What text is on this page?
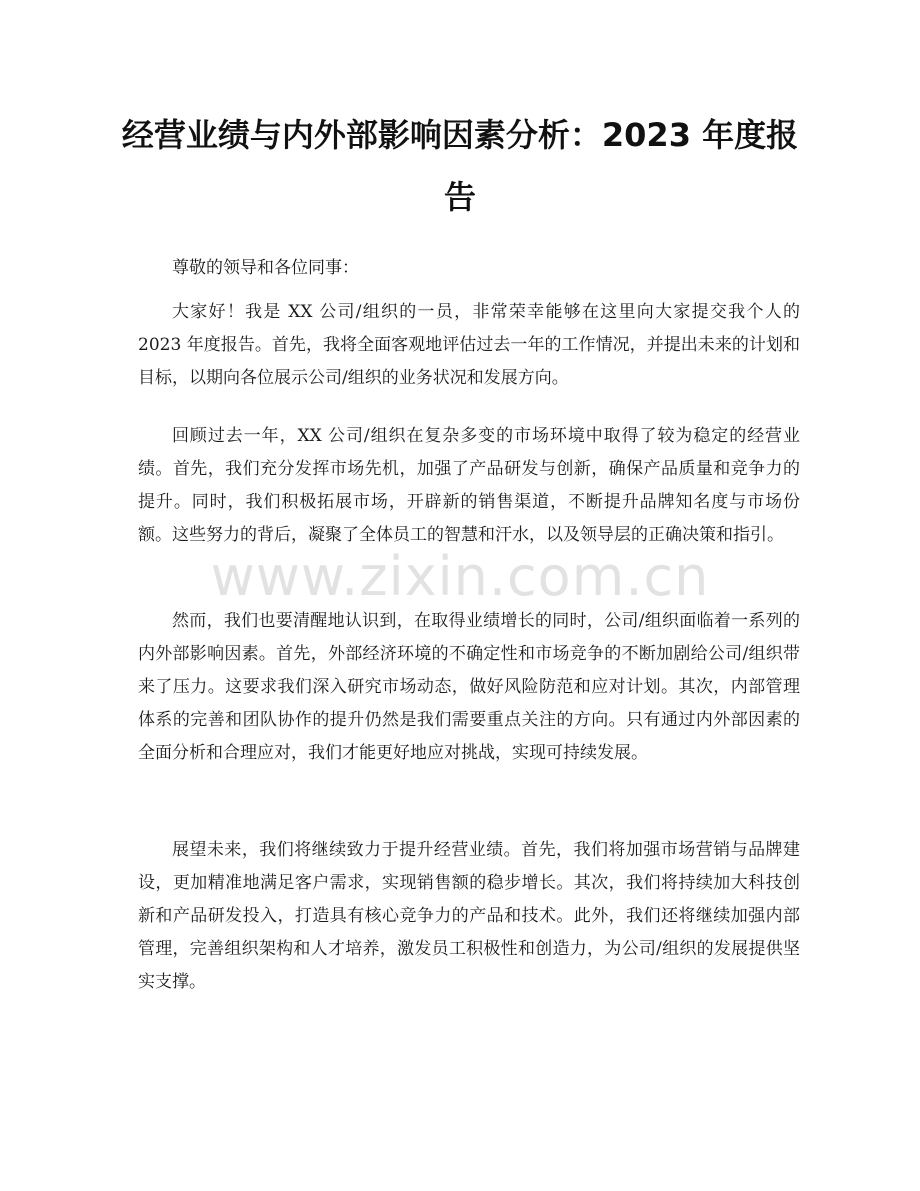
经营业绩与内外部影响因素分析：2023 年度报告

尊敬的领导和各位同事：

大家好！我是 XX 公司/组织的一员，非常荣幸能够在这里向大家提交我个人的 2023 年度报告。首先，我将全面客观地评估过去一年的工作情况，并提出未来的计划和目标，以期向各位展示公司/组织的业务状况和发展方向。

回顾过去一年，XX 公司/组织在复杂多变的市场环境中取得了较为稳定的经营业绩。首先，我们充分发挥市场先机，加强了产品研发与创新，确保产品质量和竞争力的提升。同时，我们积极拓展市场，开辟新的销售渠道，不断提升品牌知名度与市场份额。这些努力的背后，凝聚了全体员工的智慧和汗水，以及领导层的正确决策和指引。

然而，我们也要清醒地认识到，在取得业绩增长的同时，公司/组织面临着一系列的内外部影响因素。首先，外部经济环境的不确定性和市场竞争的不断加剧给公司/组织带来了压力。这要求我们深入研究市场动态，做好风险防范和应对计划。其次，内部管理体系的完善和团队协作的提升仍然是我们需要重点关注的方向。只有通过内外部因素的全面分析和合理应对，我们才能更好地应对挑战，实现可持续发展。

展望未来，我们将继续致力于提升经营业绩。首先，我们将加强市场营销与品牌建设，更加精准地满足客户需求，实现销售额的稳步增长。其次，我们将持续加大科技创新和产品研发投入，打造具有核心竞争力的产品和技术。此外，我们还将继续加强内部管理，完善组织架构和人才培养，激发员工积极性和创造力，为公司/组织的发展提供坚实支撑。

www.zixin.com.cn
